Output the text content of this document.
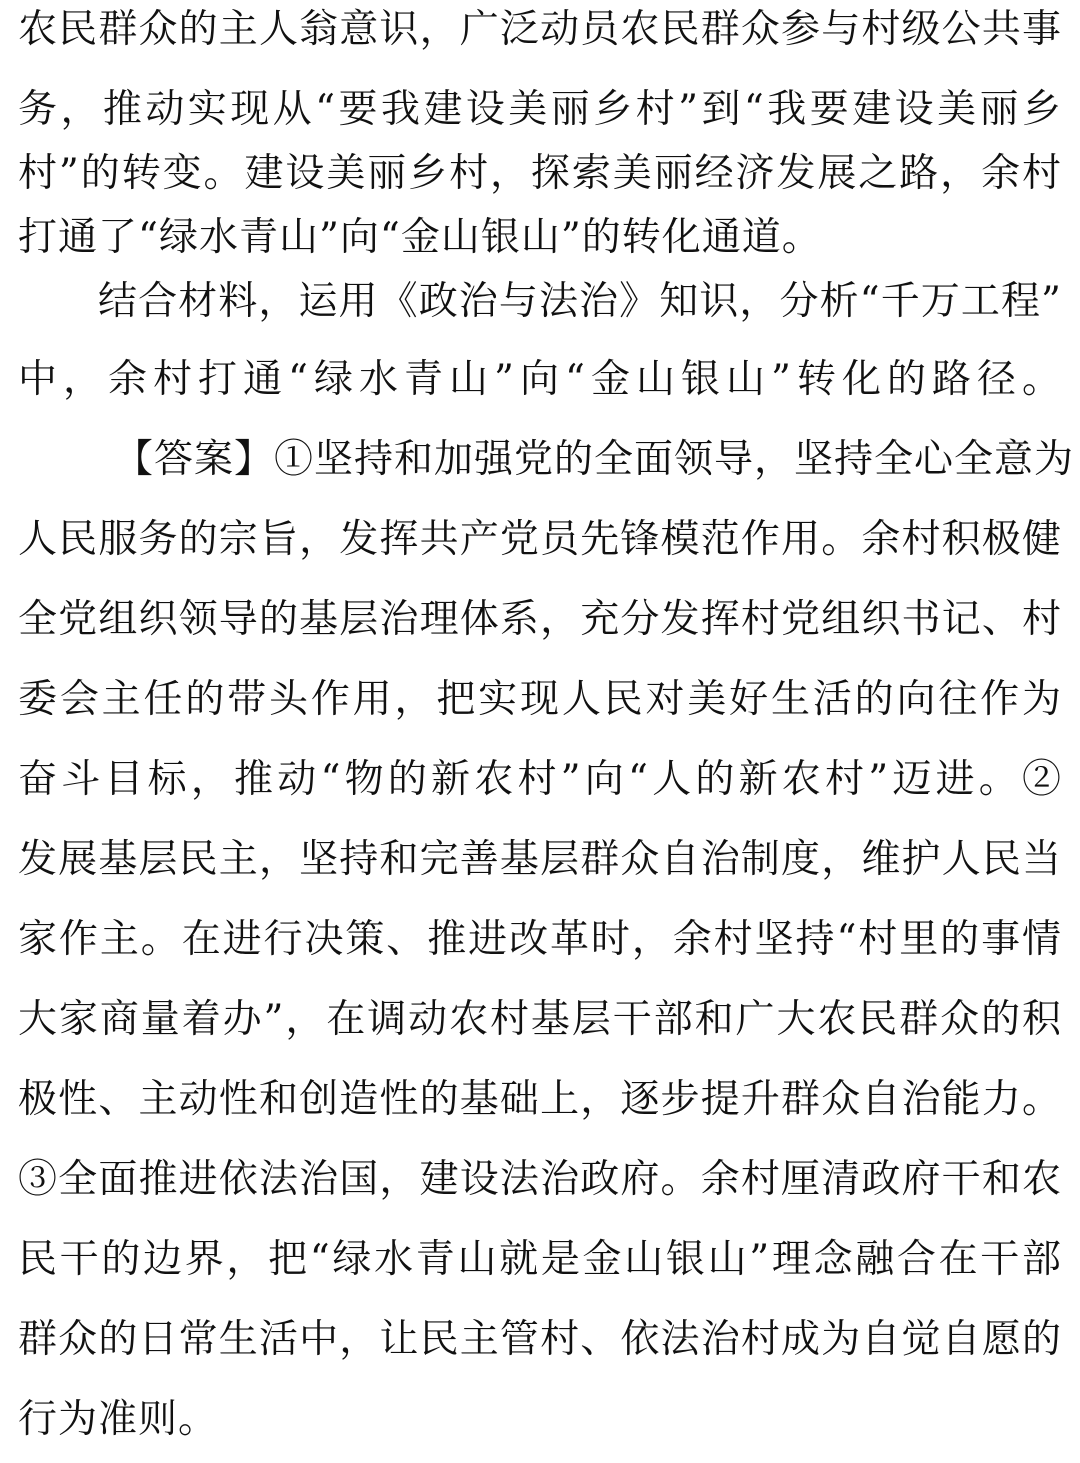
农民群众的主人翁意识，广泛动员农民群众参与村级公共事
务，推动实现从“要我建设美丽乡村”到“我要建设美丽乡
村”的转变。建设美丽乡村，探索美丽经济发展之路，余村
打通了“绿水青山”向“金山银山”的转化通道。
结合材料，运用《政治与法治》知识，分析“千万工程”
中，余村打通“绿水青山”向“金山银山”转化的路径。
【答案】①坚持和加强党的全面领导，坚持全心全意为
人民服务的宗旨，发挥共产党员先锋模范作用。余村积极健
全党组织领导的基层治理体系，充分发挥村党组织书记、村
委会主任的带头作用，把实现人民对美好生活的向往作为
奋斗目标，推动“物的新农村”向“人的新农村”迈进。②
发展基层民主，坚持和完善基层群众自治制度，维护人民当
家作主。在进行决策、推进改革时，余村坚持“村里的事情
大家商量着办”，在调动农村基层干部和广大农民群众的积
极性、主动性和创造性的基础上，逐步提升群众自治能力。
③全面推进依法治国，建设法治政府。余村厘清政府干和农
民干的边界，把“绿水青山就是金山银山”理念融合在干部
群众的日常生活中，让民主管村、依法治村成为自觉自愿的
行为准则。
